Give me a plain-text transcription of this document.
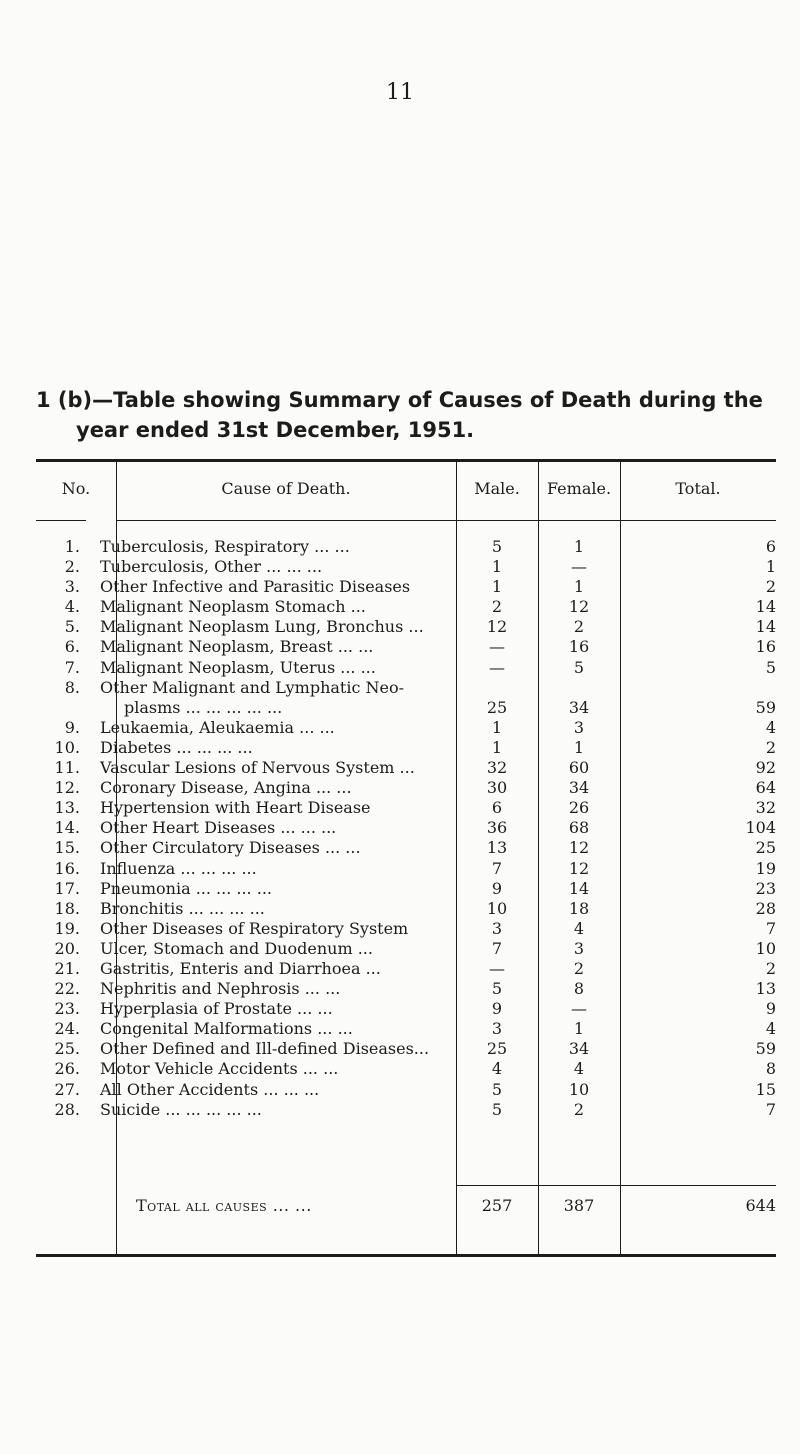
11
1 (b)—Table showing Summary of Causes of Death during the
year ended 31st December, 1951.
No.	Cause of Death.	Male.	Female.	Total.
1. Tuberculosis, Respiratory ... ...	5	1	6
2. Tuberculosis, Other ... ... ...	1	—	1
3. Other Infective and Parasitic Diseases	1	1	2
4. Malignant Neoplasm Stomach ...	2	12	14
5. Malignant Neoplasm Lung, Bronchus ...	12	2	14
6. Malignant Neoplasm, Breast ... ...	—	16	16
7. Malignant Neoplasm, Uterus ... ...	—	5	5
8. Other Malignant and Lymphatic Neo-
plasms ... ... ... ... ...	25	34	59
9. Leukaemia, Aleukaemia ... ...	1	3	4
10. Diabetes ... ... ... ...	1	1	2
11. Vascular Lesions of Nervous System ...	32	60	92
12. Coronary Disease, Angina ... ...	30	34	64
13. Hypertension with Heart Disease	6	26	32
14. Other Heart Diseases ... ... ...	36	68	104
15. Other Circulatory Diseases ... ...	13	12	25
16. Influenza ... ... ... ...	7	12	19
17. Pneumonia ... ... ... ...	9	14	23
18. Bronchitis ... ... ... ...	10	18	28
19. Other Diseases of Respiratory System	3	4	7
20. Ulcer, Stomach and Duodenum ...	7	3	10
21. Gastritis, Enteris and Diarrhoea ...	—	2	2
22. Nephritis and Nephrosis ... ...	5	8	13
23. Hyperplasia of Prostate ... ...	9	—	9
24. Congenital Malformations ... ...	3	1	4
25. Other Defined and Ill-defined Diseases...	25	34	59
26. Motor Vehicle Accidents ... ...	4	4	8
27. All Other Accidents ... ... ...	5	10	15
28. Suicide ... ... ... ... ...	5	2	7
Total all causes ... ...	257	387	644
